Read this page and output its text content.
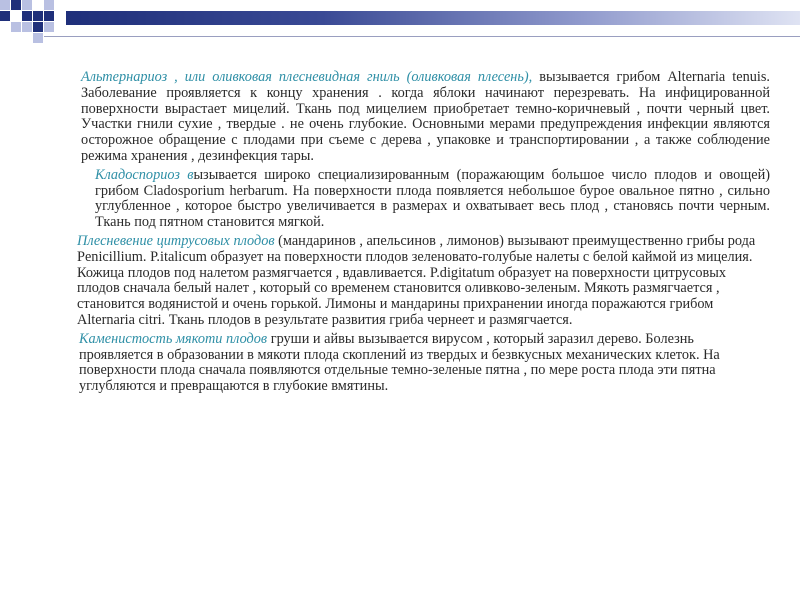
Альтернариоз , или оливковая плесневидная гниль (оливковая плесень), вызывается грибом Alternaria tenuis. Заболевание проявляется к концу хранения . когда яблоки начинают перезревать. На инфицированной поверхности вырастает мицелий. Ткань под мицелием приобретает темно-коричневый , почти черный цвет. Участки гнили сухие , твердые . не очень глубокие. Основными мерами предупреждения инфекции являются осторожное обращение с плодами при съеме с дерева , упаковке и транспортировании , а также соблюдение режима хранения , дезинфекция тары.

Кладоспориоз вызывается широко специализированным (поражающим большое число плодов и овощей) грибом Cladosporium herbarum. На поверхности плода появляется небольшое бурое овальное пятно , сильно углубленное , которое быстро увеличивается в размерах и охватывает весь плод , становясь почти черным. Ткань под пятном становится мягкой.

Плесневение цитрусовых плодов (мандаринов , апельсинов , лимонов) вызывают преимущественно грибы рода Penicillium. P.italicum образует на поверхности плодов зеленовато-голубые налеты с белой каймой из мицелия. Кожица плодов под налетом размягчается , вдавливается. P.digitatum образует на поверхности цитрусовых плодов сначала белый налет , который со временем становится оливково-зеленым. Мякоть размягчается , становится водянистой и очень горькой. Лимоны и мандарины прихранении иногда поражаются грибом Alternaria citri. Ткань плодов в результате развития гриба чернеет и размягчается.

Каменистость мякоти плодов груши и айвы вызывается вирусом , который заразил дерево. Болезнь проявляется в образовании в мякоти плода скоплений из твердых и безвкусных механических клеток. На поверхности плода сначала появляются отдельные темно-зеленые пятна , по мере роста плода эти пятна углубляются и превращаются в глубокие вмятины.
